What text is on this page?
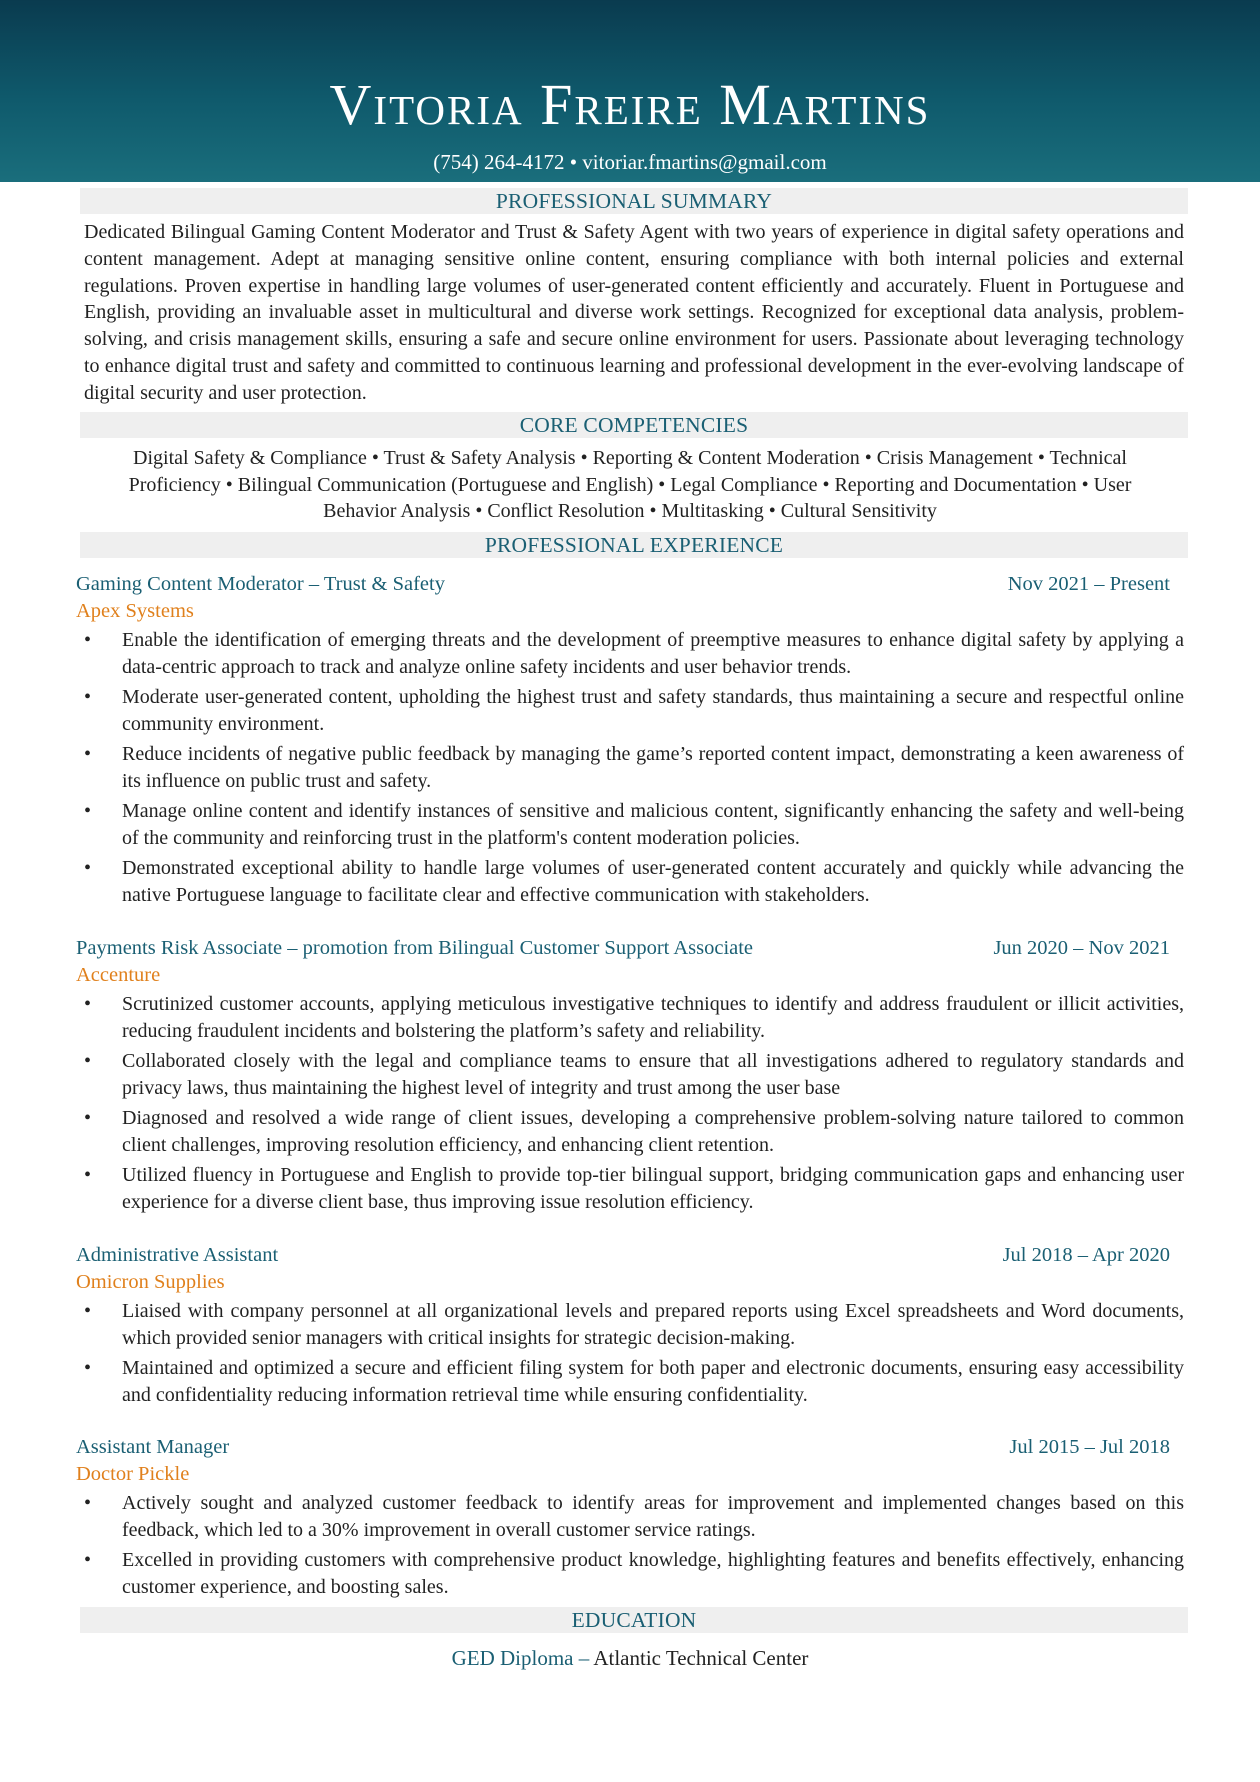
Vitoria Freire Martins
(754) 264-4172 • vitoriar.fmartins@gmail.com
PROFESSIONAL SUMMARY
Dedicated Bilingual Gaming Content Moderator and Trust & Safety Agent with two years of experience in digital safety operations and content management. Adept at managing sensitive online content, ensuring compliance with both internal policies and external regulations. Proven expertise in handling large volumes of user-generated content efficiently and accurately. Fluent in Portuguese and English, providing an invaluable asset in multicultural and diverse work settings. Recognized for exceptional data analysis, problem-solving, and crisis management skills, ensuring a safe and secure online environment for users. Passionate about leveraging technology to enhance digital trust and safety and committed to continuous learning and professional development in the ever-evolving landscape of digital security and user protection.
CORE COMPETENCIES
Digital Safety & Compliance • Trust & Safety Analysis • Reporting & Content Moderation • Crisis Management • Technical Proficiency • Bilingual Communication (Portuguese and English) • Legal Compliance • Reporting and Documentation • User Behavior Analysis • Conflict Resolution • Multitasking • Cultural Sensitivity
PROFESSIONAL EXPERIENCE
Gaming Content Moderator – Trust & Safety	Nov 2021 – Present
Apex Systems
• Enable the identification of emerging threats and the development of preemptive measures to enhance digital safety by applying a data-centric approach to track and analyze online safety incidents and user behavior trends.
• Moderate user-generated content, upholding the highest trust and safety standards, thus maintaining a secure and respectful online community environment.
• Reduce incidents of negative public feedback by managing the game’s reported content impact, demonstrating a keen awareness of its influence on public trust and safety.
• Manage online content and identify instances of sensitive and malicious content, significantly enhancing the safety and well-being of the community and reinforcing trust in the platform's content moderation policies.
• Demonstrated exceptional ability to handle large volumes of user-generated content accurately and quickly while advancing the native Portuguese language to facilitate clear and effective communication with stakeholders.
Payments Risk Associate – promotion from Bilingual Customer Support Associate	Jun 2020 – Nov 2021
Accenture
• Scrutinized customer accounts, applying meticulous investigative techniques to identify and address fraudulent or illicit activities, reducing fraudulent incidents and bolstering the platform’s safety and reliability.
• Collaborated closely with the legal and compliance teams to ensure that all investigations adhered to regulatory standards and privacy laws, thus maintaining the highest level of integrity and trust among the user base
• Diagnosed and resolved a wide range of client issues, developing a comprehensive problem-solving nature tailored to common client challenges, improving resolution efficiency, and enhancing client retention.
• Utilized fluency in Portuguese and English to provide top-tier bilingual support, bridging communication gaps and enhancing user experience for a diverse client base, thus improving issue resolution efficiency.
Administrative Assistant	Jul 2018 – Apr 2020
Omicron Supplies
• Liaised with company personnel at all organizational levels and prepared reports using Excel spreadsheets and Word documents, which provided senior managers with critical insights for strategic decision-making.
• Maintained and optimized a secure and efficient filing system for both paper and electronic documents, ensuring easy accessibility and confidentiality reducing information retrieval time while ensuring confidentiality.
Assistant Manager	Jul 2015 – Jul 2018
Doctor Pickle
• Actively sought and analyzed customer feedback to identify areas for improvement and implemented changes based on this feedback, which led to a 30% improvement in overall customer service ratings.
• Excelled in providing customers with comprehensive product knowledge, highlighting features and benefits effectively, enhancing customer experience, and boosting sales.
EDUCATION
GED Diploma – Atlantic Technical Center
